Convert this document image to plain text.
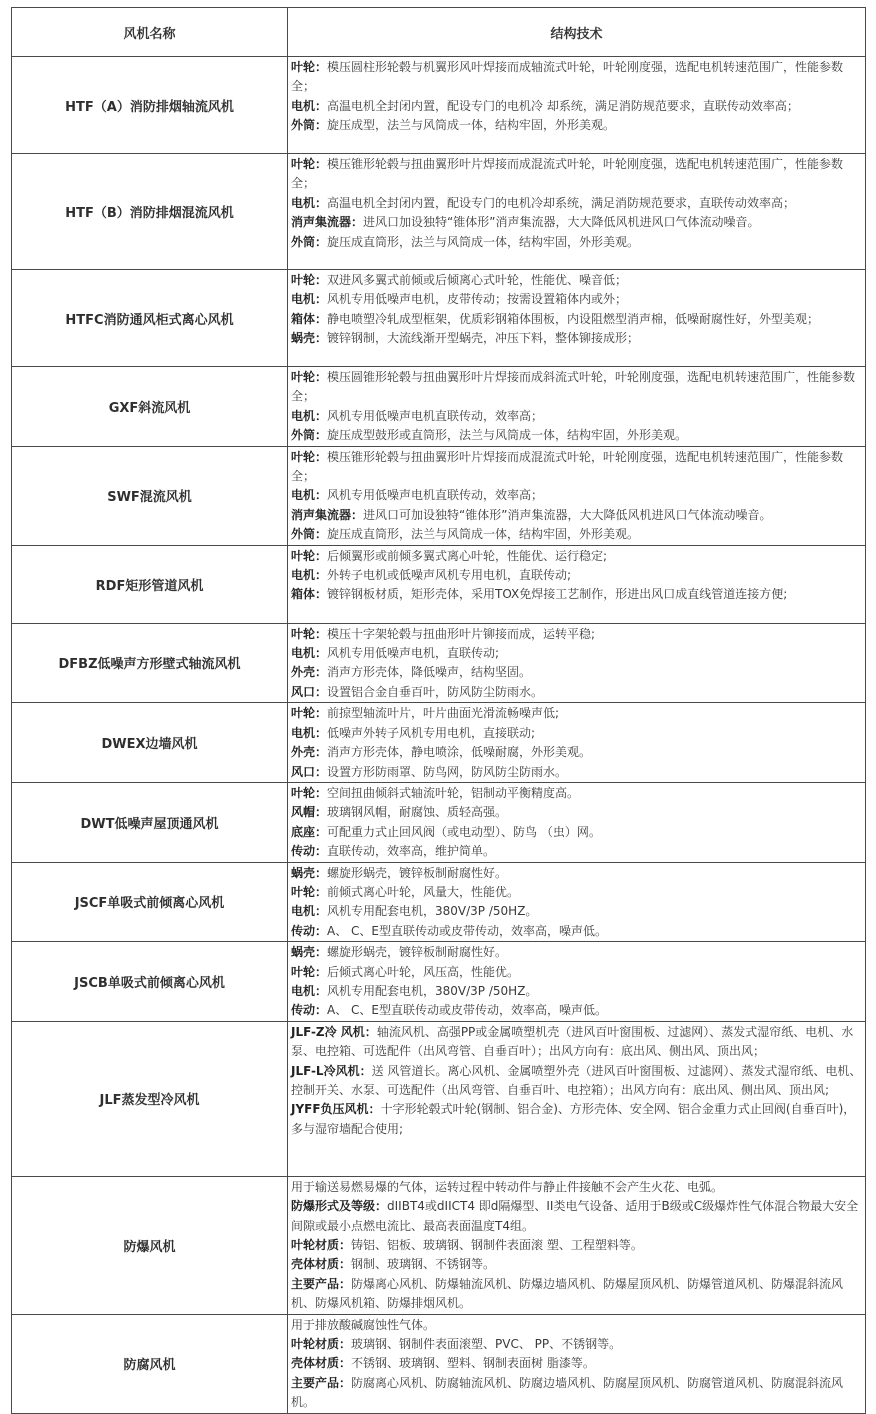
风机名称	结构技术
HTF（A）消防排烟轴流风机	叶轮：模压圆柱形轮毂与机翼形风叶焊接而成轴流式叶轮，叶轮刚度强，选配电机转速范围广，性能参数全；
电机：高温电机全封闭内置，配设专门的电机冷 却系统，满足消防规范要求，直联传动效率高；
外筒：旋压成型，法兰与风筒成一体，结构牢固，外形美观。

HTF（B）消防排烟混流风机	叶轮：模压锥形轮毂与扭曲翼形叶片焊接而成混流式叶轮，叶轮刚度强，选配电机转速范围广，性能参数全；
电机：高温电机全封闭内置，配设专门的电机冷却系统，满足消防规范要求，直联传动效率高；
消声集流器：进风口加设独特“锥体形”消声集流器，大大降低风机进风口气体流动噪音。
外筒：旋压成直筒形，法兰与风筒成一体，结构牢固，外形美观。

HTFC消防通风柜式离心风机	叶轮：双进风多翼式前倾或后倾离心式叶轮，性能优、噪音低；
电机：风机专用低噪声电机，皮带传动；按需设置箱体内或外；
箱体：静电喷塑冷轧成型框架，优质彩钢箱体围板，内设阻燃型消声棉，低噪耐腐性好，外型美观；
蜗壳：镀锌钢制，大流线渐开型蜗壳，冲压下料，整体铆接成形；

GXF斜流风机	叶轮：模压圆锥形轮毂与扭曲翼形叶片焊接而成斜流式叶轮，叶轮刚度强，选配电机转速范围广，性能参数全；
电机：风机专用低噪声电机直联传动，效率高；
外筒：旋压成型鼓形或直筒形，法兰与风筒成一体，结构牢固，外形美观。

SWF混流风机	叶轮：模压锥形轮毂与扭曲翼形叶片焊接而成混流式叶轮，叶轮刚度强，选配电机转速范围广，性能参数全；
电机：风机专用低噪声电机直联传动，效率高；
消声集流器：进风口可加设独特“锥体形”消声集流器，大大降低风机进风口气体流动噪音。
外筒：旋压成直筒形，法兰与风筒成一体，结构牢固，外形美观。

RDF矩形管道风机	叶轮：后倾翼形或前倾多翼式离心叶轮，性能优、运行稳定;
电机：外转子电机或低噪声风机专用电机，直联传动;
箱体：镀锌钢板材质，矩形壳体，采用TOX免焊接工艺制作，形进出风口成直线管道连接方便;

DFBZ低噪声方形壁式轴流风机	叶轮：模压十字架轮毂与扭曲形叶片铆接而成，运转平稳;
电机：风机专用低噪声电机，直联传动;
外壳：消声方形壳体，降低噪声，结构坚固。
风口：设置铝合金自垂百叶，防风防尘防雨水。

DWEX边墙风机	叶轮：前掠型轴流叶片，叶片曲面光滑流畅噪声低;
电机：低噪声外转子风机专用电机，直接联动;
外壳：消声方形壳体，静电喷涂，低噪耐腐，外形美观。
风口：设置方形防雨罩、防鸟网，防风防尘防雨水。

DWT低噪声屋顶通风机	叶轮：空间扭曲倾斜式轴流叶轮，铝制动平衡精度高。
风帽：玻璃钢风帽，耐腐蚀、质轻高强。
底座：可配重力式止回风阀（或电动型）、防鸟 （虫）网。
传动：直联传动，效率高，维护简单。

JSCF单吸式前倾离心风机	蜗壳：螺旋形蜗壳，镀锌板制耐腐性好。
叶轮：前倾式离心叶轮，风量大，性能优。
电机：风机专用配套电机，380V/3P /50HZ。
传动：A、 C、E型直联传动或皮带传动，效率高，噪声低。

JSCB单吸式前倾离心风机	蜗壳：螺旋形蜗壳，镀锌板制耐腐性好。
叶轮：后倾式离心叶轮，风压高，性能优。
电机：风机专用配套电机，380V/3P /50HZ。
传动：A、 C、E型直联传动或皮带传动，效率高，噪声低。

JLF蒸发型冷风机	JLF-Z冷 风机：轴流风机、高强PP或金属喷塑机壳（进风百叶窗围板、过滤网）、蒸发式湿帘纸、电机、水泵、电控箱、可选配件（出风弯管、自垂百叶）；出风方向有：底出风、侧出风、顶出风；
JLF-L冷风机：送 风管道长。离心风机、金属喷塑外壳（进风百叶窗围板、过滤网）、蒸发式湿帘纸、电机、控制开关、水泵、可选配件（出风弯管、自垂百叶、电控箱）；出风方向有：底出风、侧出风、顶出风;
JYFF负压风机：十字形轮毂式叶轮(钢制、铝合金)、方形壳体、安全网、铝合金重力式止回阀(自垂百叶)，多与湿帘墙配合使用;

防爆风机	用于输送易燃易爆的气体，运转过程中转动件与静止件接触不会产生火花、电弧。
防爆形式及等级：dIIBT4或dIICT4 即d隔爆型、II类电气设备、适用于B级或C级爆炸性气体混合物最大安全间隙或最小点燃电流比、最高表面温度T4组。
叶轮材质：铸铝、铝板、玻璃钢、钢制件表面滚 塑、工程塑料等。
壳体材质：钢制、玻璃钢、不锈钢等。
主要产品：防爆离心风机、防爆轴流风机、防爆边墙风机、防爆屋顶风机、防爆管道风机、防爆混斜流风机、防爆风机箱、防爆排烟风机。

防腐风机	用于排放酸碱腐蚀性气体。
叶轮材质：玻璃钢、钢制件表面滚塑、PVC、 PP、不锈钢等。
壳体材质：不锈钢、玻璃钢、塑料、钢制表面树 脂漆等。
主要产品：防腐离心风机、防腐轴流风机、防腐边墙风机、防腐屋顶风机、防腐管道风机、防腐混斜流风机。
